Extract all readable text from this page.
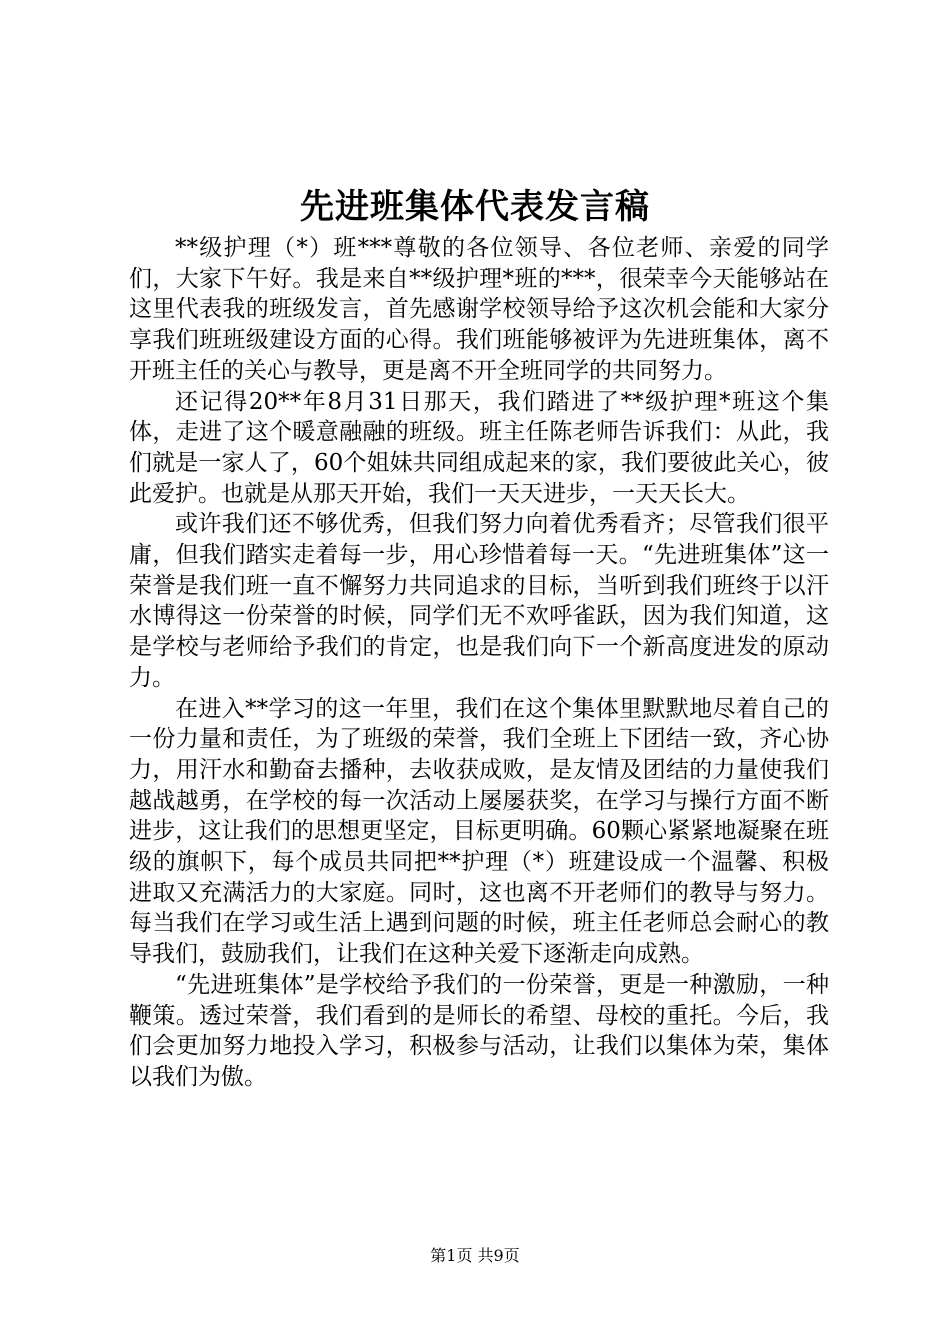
先进班集体代表发言稿

**级护理（*）班***尊敬的各位领导、各位老师、亲爱的同学们，大家下午好。我是来自**级护理*班的***，很荣幸今天能够站在这里代表我的班级发言，首先感谢学校领导给予这次机会能和大家分享我们班班级建设方面的心得。我们班能够被评为先进班集体，离不开班主任的关心与教导，更是离不开全班同学的共同努力。

还记得20**年8月31日那天，我们踏进了**级护理*班这个集体，走进了这个暖意融融的班级。班主任陈老师告诉我们：从此，我们就是一家人了，60个姐妹共同组成起来的家，我们要彼此关心，彼此爱护。也就是从那天开始，我们一天天进步，一天天长大。

或许我们还不够优秀，但我们努力向着优秀看齐；尽管我们很平庸，但我们踏实走着每一步，用心珍惜着每一天。“先进班集体”这一荣誉是我们班一直不懈努力共同追求的目标，当听到我们班终于以汗水博得这一份荣誉的时候，同学们无不欢呼雀跃，因为我们知道，这是学校与老师给予我们的肯定，也是我们向下一个新高度进发的原动力。

在进入**学习的这一年里，我们在这个集体里默默地尽着自己的一份力量和责任，为了班级的荣誉，我们全班上下团结一致，齐心协力，用汗水和勤奋去播种，去收获成败，是友情及团结的力量使我们越战越勇，在学校的每一次活动上屡屡获奖，在学习与操行方面不断进步，这让我们的思想更坚定，目标更明确。60颗心紧紧地凝聚在班级的旗帜下，每个成员共同把**护理（*）班建设成一个温馨、积极进取又充满活力的大家庭。同时，这也离不开老师们的教导与努力。每当我们在学习或生活上遇到问题的时候，班主任老师总会耐心的教导我们，鼓励我们，让我们在这种关爱下逐渐走向成熟。

“先进班集体”是学校给予我们的一份荣誉，更是一种激励，一种鞭策。透过荣誉，我们看到的是师长的希望、母校的重托。今后，我们会更加努力地投入学习，积极参与活动，让我们以集体为荣，集体以我们为傲。

第1页 共9页
